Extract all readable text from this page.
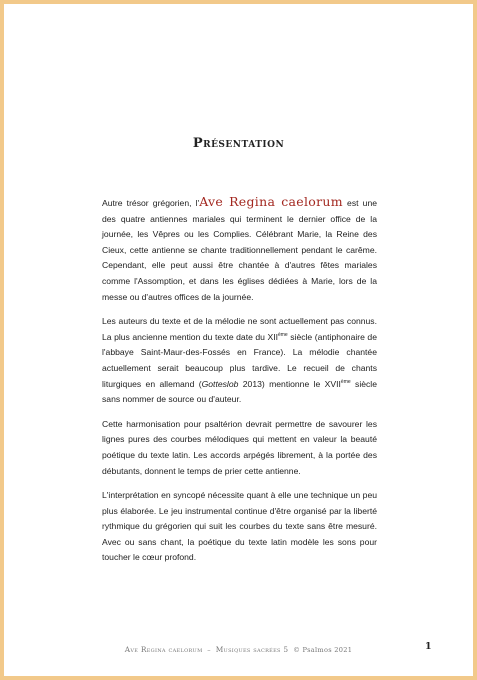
Présentation

Autre trésor grégorien, l'Ave Regina caelorum est une des quatre antiennes mariales qui terminent le dernier office de la journée, les Vêpres ou les Complies. Célébrant Marie, la Reine des Cieux, cette antienne se chante traditionnellement pendant le carême. Cependant, elle peut aussi être chantée à d'autres fêtes mariales comme l'Assomption, et dans les églises dédiées à Marie, lors de la messe ou d'autres offices de la journée.

Les auteurs du texte et de la mélodie ne sont actuellement pas connus. La plus ancienne mention du texte date du XIIème siècle (antiphonaire de l'abbaye Saint-Maur-des-Fossés en France). La mélodie chantée actuellement serait beaucoup plus tardive. Le recueil de chants liturgiques en allemand (Gotteslob 2013) mentionne le XVIIème siècle sans nommer de source ou d'auteur.

Cette harmonisation pour psaltérion devrait permettre de savourer les lignes pures des courbes mélodiques qui mettent en valeur la beauté poétique du texte latin. Les accords arpégés librement, à la portée des débutants, donnent le temps de prier cette antienne.

L'interprétation en syncopé nécessite quant à elle une technique un peu plus élaborée. Le jeu instrumental continue d'être organisé par la liberté rythmique du grégorien qui suit les courbes du texte sans être mesuré. Avec ou sans chant, la poétique du texte latin modèle les sons pour toucher le cœur profond.

Ave Regina caelorum  –  Musiques sacrées 5  © Psalmos 2021	1
